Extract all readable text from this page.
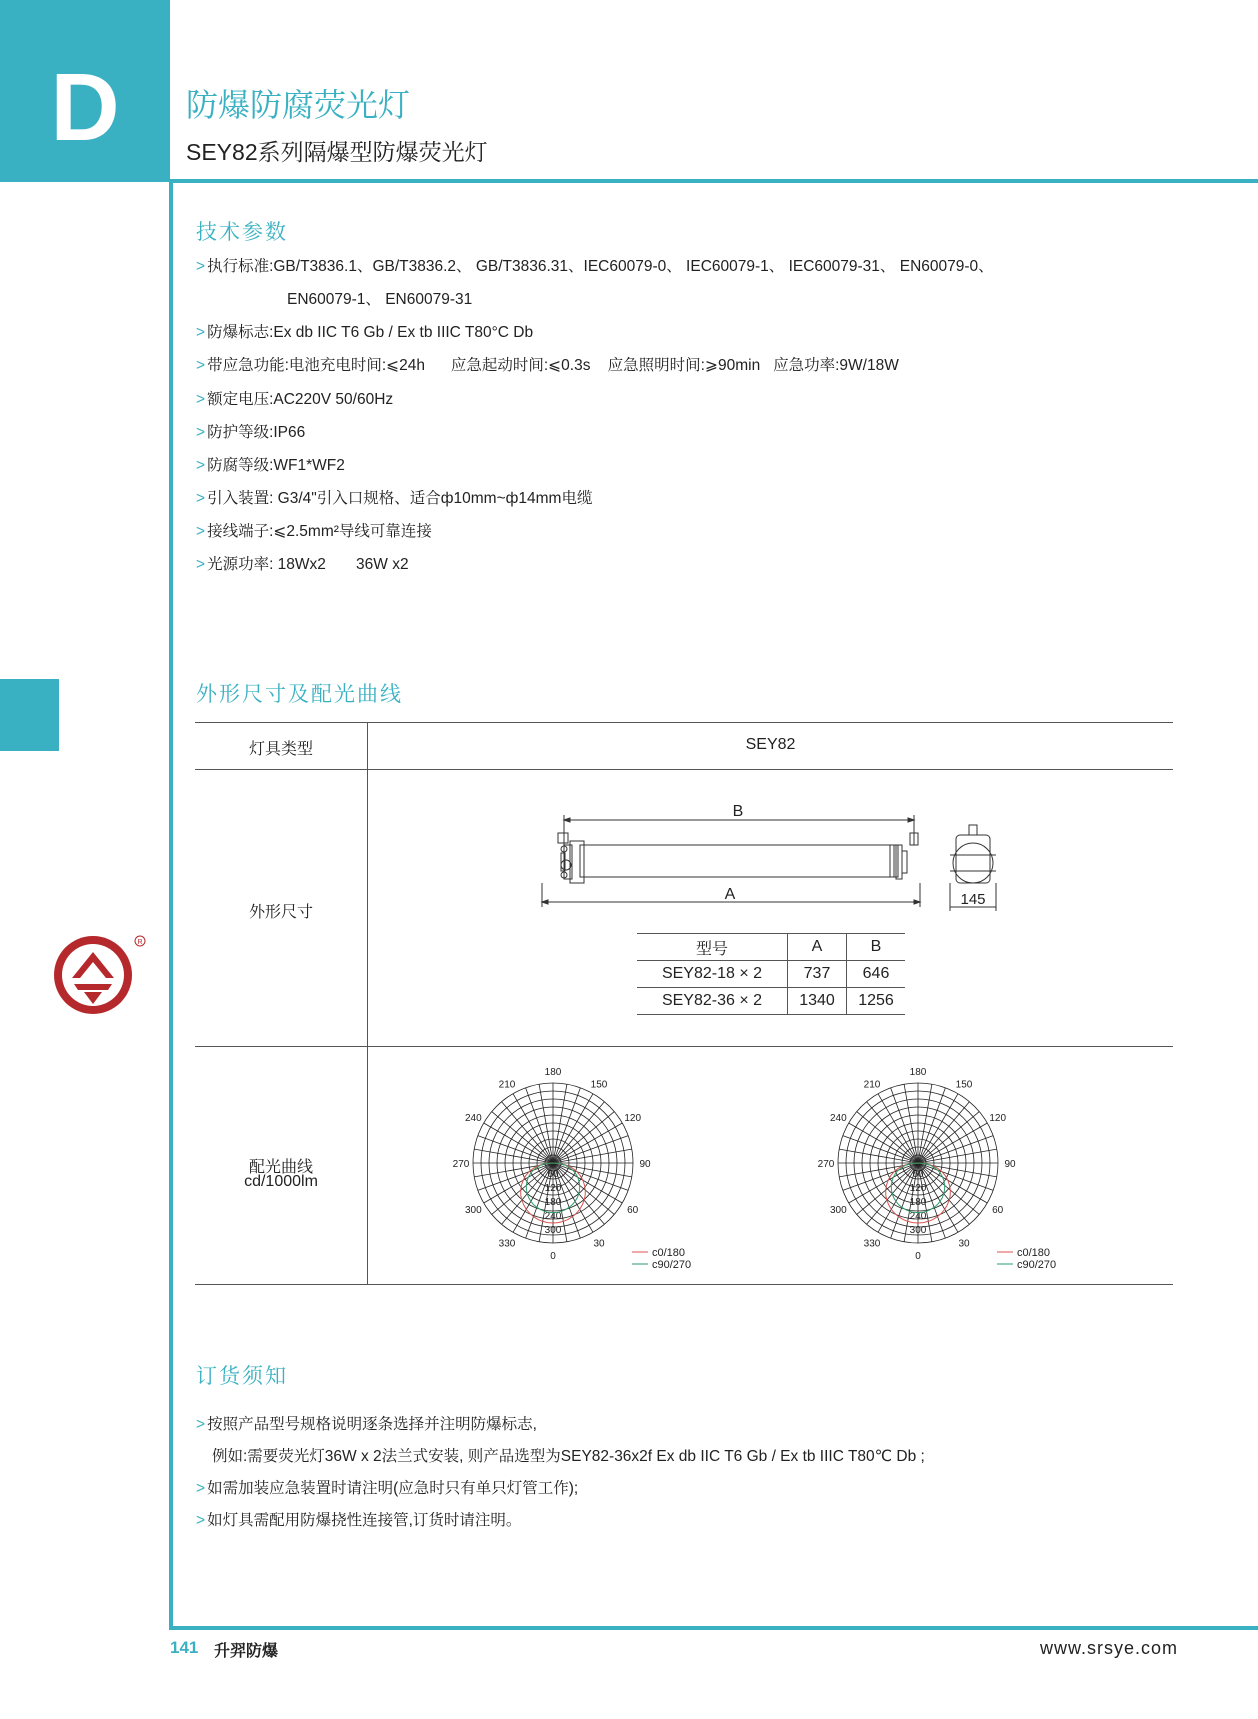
D	防爆防腐荧光灯
SEY82系列隔爆型防爆荧光灯
技术参数
> 执行标准:GB/T3836.1、GB/T3836.2、 GB/T3836.31、IEC60079-0、 IEC60079-1、 IEC60079-31、 EN60079-0、
EN60079-1、 EN60079-31
> 防爆标志:Ex db IIC T6 Gb / Ex tb IIIC T80°C Db
> 带应急功能:电池充电时间:⩽24h      应急起动时间:⩽0.3s    应急照明时间:⩾90min   应急功率:9W/18W
> 额定电压:AC220V 50/60Hz
> 防护等级:IP66
> 防腐等级:WF1*WF2
> 引入装置: G3/4"引入口规格、适合ф10mm~ф14mm电缆
> 接线端子:⩽2.5mm²导线可靠连接
> 光源功率: 18Wx2       36W x2
外形尺寸及配光曲线
灯具类型	SEY82
外形尺寸
配光曲线
cd/1000lm
B
A	145
型号	A	B
SEY82-18 × 2	737	646
SEY82-36 × 2	1340	1256
180
150
120
90
60
30
0
330
300
270
240
210
60
120
180
240
300
c0/180
c90/270
180
150
120
90
60
30
0
330
300
270
240
210
60
120
180
240
300
c0/180
c90/270
订货须知
> 按照产品型号规格说明逐条选择并注明防爆标志,
例如:需要荧光灯36W x 2法兰式安装, 则产品选型为SEY82-36x2f Ex db IIC T6 Gb / Ex tb IIIC T80℃ Db ;
> 如需加装应急装置时请注明(应急时只有单只灯管工作);
> 如灯具需配用防爆挠性连接管,订货时请注明。
R
141 升羿防爆	www.srsye.com
